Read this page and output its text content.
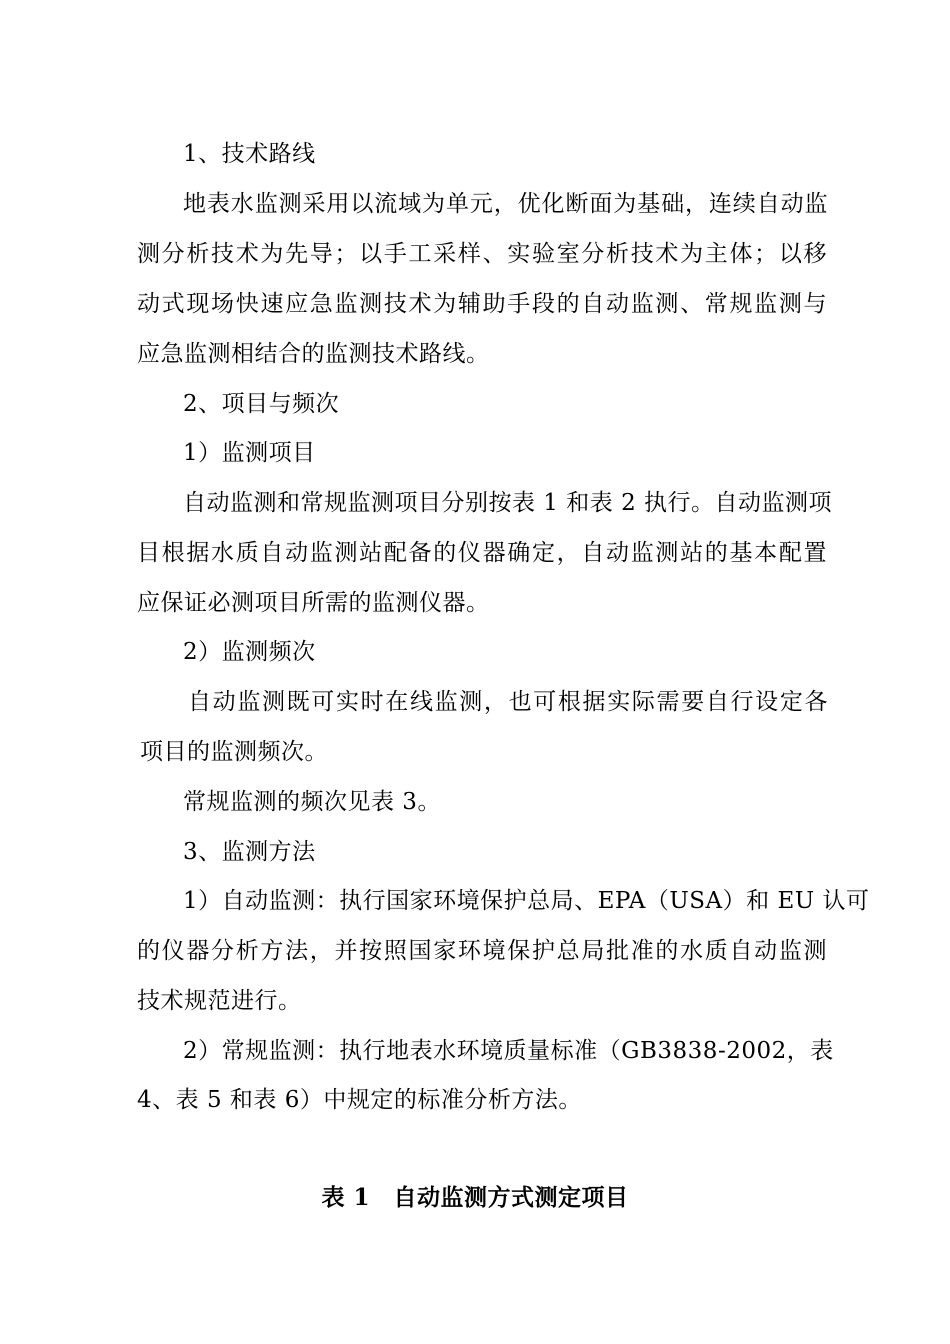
1、技术路线
地表水监测采用以流域为单元，优化断面为基础，连续自动监
测分析技术为先导；以手工采样、实验室分析技术为主体；以移
动式现场快速应急监测技术为辅助手段的自动监测、常规监测与
应急监测相结合的监测技术路线。
2、项目与频次
1）监测项目
自动监测和常规监测项目分别按表 1 和表 2 执行。自动监测项
目根据水质自动监测站配备的仪器确定，自动监测站的基本配置
应保证必测项目所需的监测仪器。
2）监测频次
自动监测既可实时在线监测，也可根据实际需要自行设定各
项目的监测频次。
常规监测的频次见表 3。
3、监测方法
1）自动监测：执行国家环境保护总局、EPA（USA）和 EU 认可
的仪器分析方法，并按照国家环境保护总局批准的水质自动监测
技术规范进行。
2）常规监测：执行地表水环境质量标准（GB3838-2002，表
4、表 5 和表 6）中规定的标准分析方法。
表 1　自动监测方式测定项目
